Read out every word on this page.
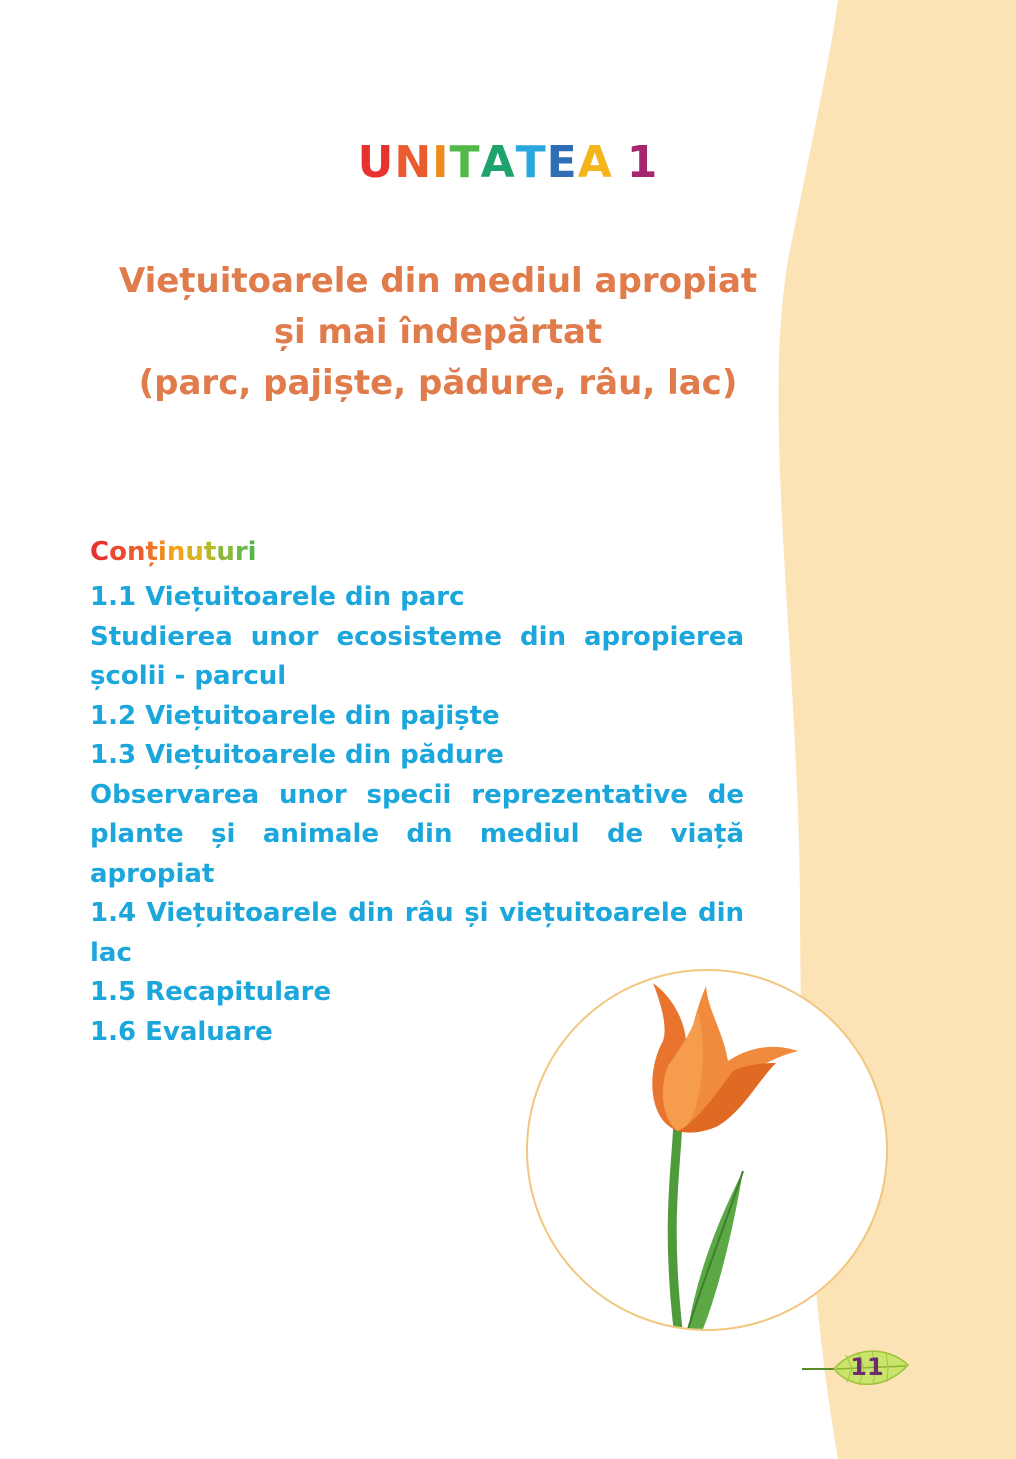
UNITATEA 1
Viețuitoarele din mediul apropiat
și mai îndepărtat
(parc, pajiște, pădure, râu, lac)
Conținuturi
1.1 Viețuitoarele din parc
Studierea unor ecosisteme din apropierea școlii - parcul
1.2 Viețuitoarele din pajiște
1.3 Viețuitoarele din pădure
Observarea unor specii reprezentative de plante și animale din mediul de viață apropiat
1.4 Viețuitoarele din râu și viețuitoarele din lac
1.5 Recapitulare
1.6 Evaluare
11
